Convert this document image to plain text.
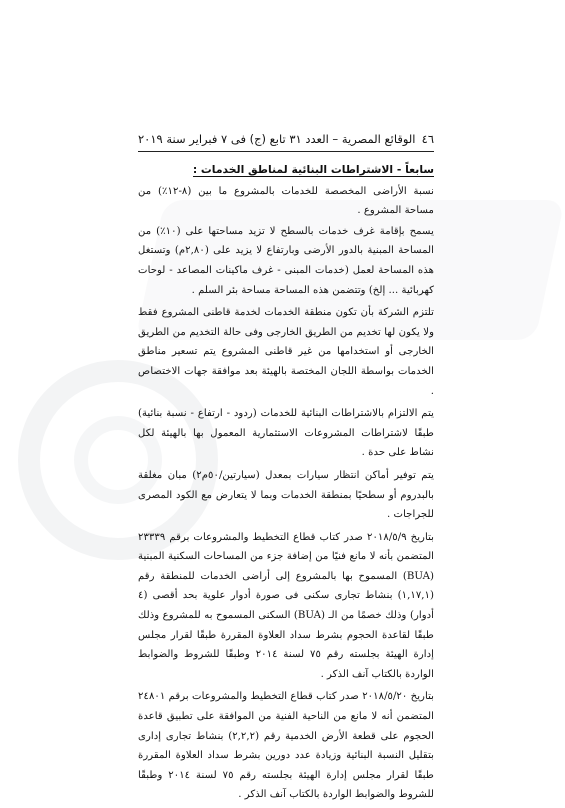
٤٦
الوقائع المصرية – العدد ٣١ تابع (ج) فى ٧ فبراير سنة ٢٠١٩
سابعاً - الاشتراطات البنائية لمناطق الخدمات :

نسبة الأراضى المخصصة للخدمات بالمشروع ما بين (٨-١٢٪) من مساحة المشروع .

يسمح بإقامة غرف خدمات بالسطح لا تزيد مساحتها على (١٠٪) من المساحة المبنية بالدور الأرضى وبارتفاع لا يزيد على (٢,٨٠م) وتستغل هذه المساحة لعمل (خدمات المبنى - غرف ماكينات المصاعد - لوحات كهربائية ... إلخ) وتتضمن هذه المساحة مساحة بئر السلم .

تلتزم الشركة بأن تكون منطقة الخدمات لخدمة قاطنى المشروع فقط ولا يكون لها تخديم من الطريق الخارجى وفى حالة التخديم من الطريق الخارجى أو استخدامها من غير قاطنى المشروع يتم تسعير مناطق الخدمات بواسطة اللجان المختصة بالهيئة بعد موافقة جهات الاختصاص .

يتم الالتزام بالاشتراطات البنائية للخدمات (ردود - ارتفاع - نسبة بنائية) طبقًا لاشتراطات المشروعات الاستثمارية المعمول بها بالهيئة لكل نشاط على حدة .

يتم توفير أماكن انتظار سيارات بمعدل (سيارتين/٥٠م٢) مبان مغلقة بالبدروم أو سطحيًا بمنطقة الخدمات وبما لا يتعارض مع الكود المصرى للجراجات .

بتاريخ ٢٠١٨/٥/٩ صدر كتاب قطاع التخطيط والمشروعات برقم ٢٣٣٣٩ المتضمن بأنه لا مانع فنيًا من إضافة جزء من المساحات السكنية المبنية (BUA) المسموح بها بالمشروع إلى أراضى الخدمات للمنطقة رقم (١,١٧,١) بنشاط تجارى سكنى فى صورة أدوار علوية بحد أقصى (٤ أدوار) وذلك خصمًا من الـ (BUA) السكنى المسموح به للمشروع وذلك طبقًا لقاعدة الحجوم بشرط سداد العلاوة المقررة طبقًا لقرار مجلس إدارة الهيئة بجلسته رقم ٧٥ لسنة ٢٠١٤ وطبقًا للشروط والضوابط الواردة بالكتاب آنف الذكر .

بتاريخ ٢٠١٨/٥/٢٠ صدر كتاب قطاع التخطيط والمشروعات برقم ٢٤٨٠١ المتضمن أنه لا مانع من الناحية الفنية من الموافقة على تطبيق قاعدة الحجوم على قطعة الأرض الخدمية رقم (٢,٢,٢) بنشاط تجارى إدارى بتقليل النسبة البنائية وزيادة عدد دورين بشرط سداد العلاوة المقررة طبقًا لقرار مجلس إدارة الهيئة بجلسته رقم ٧٥ لسنة ٢٠١٤ وطبقًا للشروط والضوابط الواردة بالكتاب آنف الذكر .
